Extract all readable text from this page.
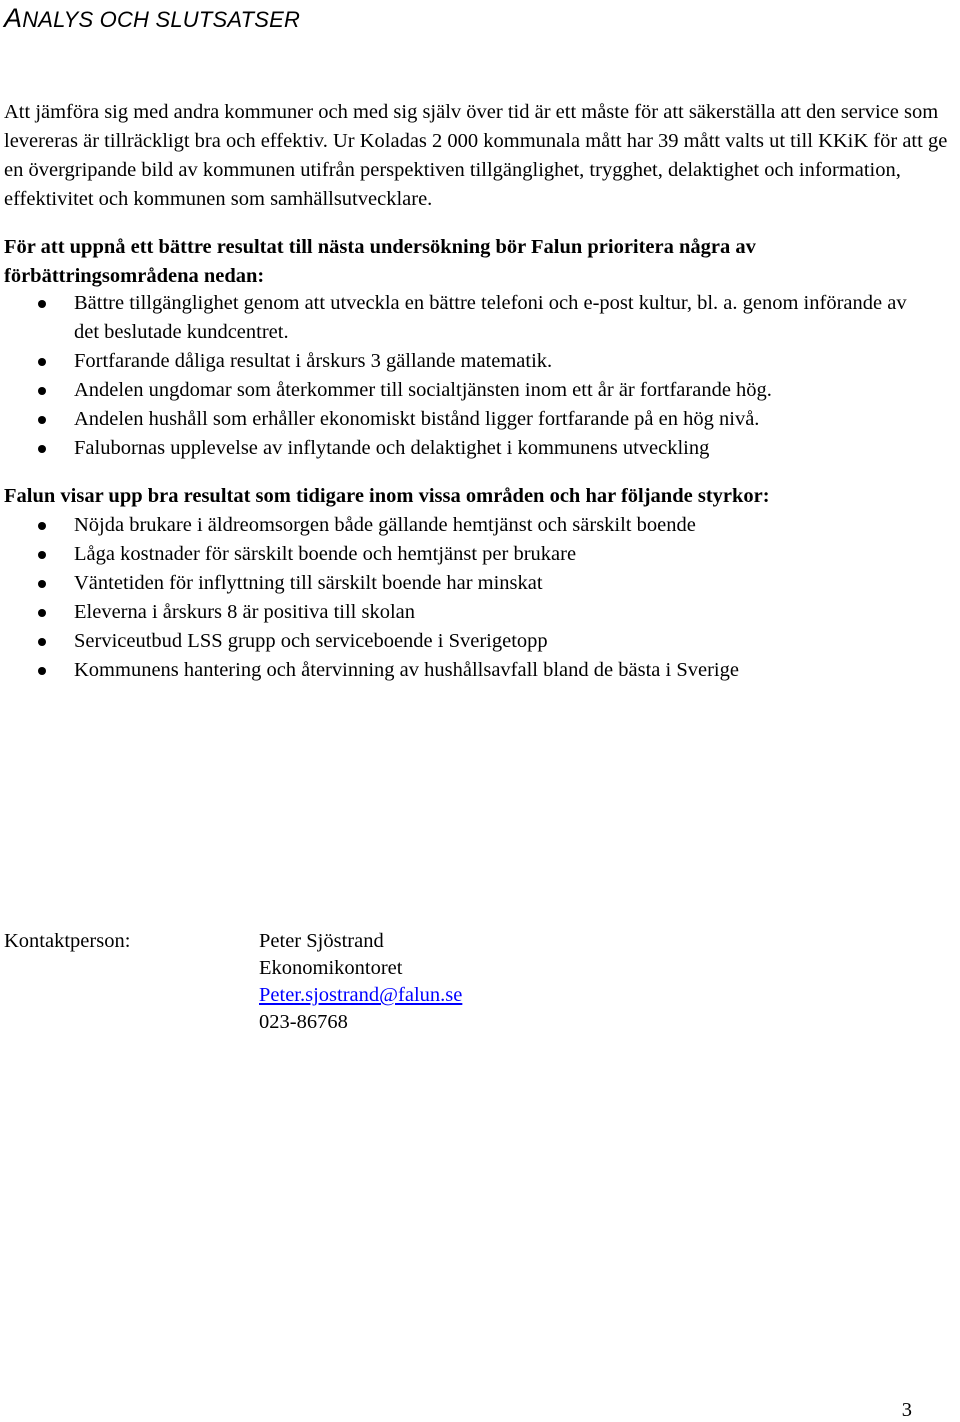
ANALYS OCH SLUTSATSER

Att jämföra sig med andra kommuner och med sig själv över tid är ett måste för att säkerställa att den service som levereras är tillräckligt bra och effektiv. Ur Koladas 2 000 kommunala mått har 39 mått valts ut till KKiK för att ge en övergripande bild av kommunen utifrån perspektiven tillgänglighet, trygghet, delaktighet och information, effektivitet och kommunen som samhällsutvecklare.

För att uppnå ett bättre resultat till nästa undersökning bör Falun prioritera några av förbättringsområdena nedan:

Bättre tillgänglighet genom att utveckla en bättre telefoni och e-post kultur, bl. a. genom införande av det beslutade kundcentret.
Fortfarande dåliga resultat i årskurs 3 gällande matematik.
Andelen ungdomar som återkommer till socialtjänsten inom ett år är fortfarande hög.
Andelen hushåll som erhåller ekonomiskt bistånd ligger fortfarande på en hög nivå.
Falubornas upplevelse av inflytande och delaktighet i kommunens utveckling

Falun visar upp bra resultat som tidigare inom vissa områden och har följande styrkor:

Nöjda brukare i äldreomsorgen både gällande hemtjänst och särskilt boende
Låga kostnader för särskilt boende och hemtjänst per brukare
Väntetiden för inflyttning till särskilt boende har minskat
Eleverna i årskurs 8 är positiva till skolan
Serviceutbud LSS grupp och serviceboende i Sverigetopp
Kommunens hantering och återvinning av hushållsavfall bland de bästa i Sverige
Kontaktperson:	Peter Sjöstrand
Ekonomikontoret
Peter.sjostrand@falun.se
023-86768
3
